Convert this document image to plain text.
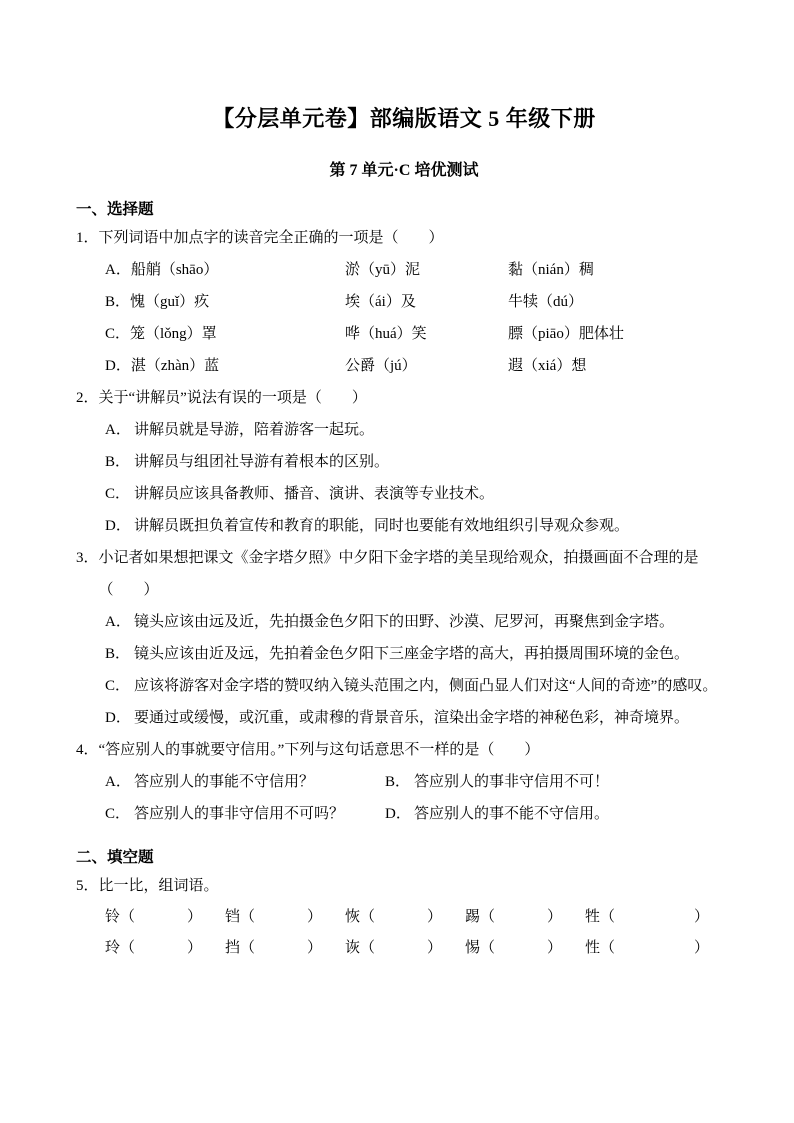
【分层单元卷】部编版语文 5 年级下册
第 7 单元·C 培优测试
一、选择题
1． 下列词语中加点字的读音完全正确的一项是（　　）
A．船艄（shāo）	淤（yū）泥	黏（nián）稠
B．愧（guǐ）疚	埃（ái）及	牛犊（dú）
C．笼（lǒng）罩	哗（huá）笑	膘（piāo）肥体壮
D．湛（zhàn）蓝	公爵（jú）	遐（xiá）想
2． 关于“讲解员”说法有误的一项是（　　）
A． 讲解员就是导游，陪着游客一起玩。
B． 讲解员与组团社导游有着根本的区别。
C． 讲解员应该具备教师、播音、演讲、表演等专业技术。
D． 讲解员既担负着宣传和教育的职能，同时也要能有效地组织引导观众参观。
3． 小记者如果想把课文《金字塔夕照》中夕阳下金字塔的美呈现给观众，拍摄画面不合理的是（　　）
A． 镜头应该由远及近，先拍摄金色夕阳下的田野、沙漠、尼罗河，再聚焦到金字塔。
B． 镜头应该由近及远，先拍着金色夕阳下三座金字塔的高大，再拍摄周围环境的金色。
C． 应该将游客对金字塔的赞叹纳入镜头范围之内，侧面凸显人们对这“人间的奇迹”的感叹。
D． 要通过或缓慢，或沉重，或肃穆的背景音乐，渲染出金字塔的神秘色彩，神奇境界。
4． “答应别人的事就要守信用。”下列与这句话意思不一样的是（　　）
A． 答应别人的事能不守信用？	B． 答应别人的事非守信用不可！
C． 答应别人的事非守信用不可吗？	D． 答应别人的事不能不守信用。
二、填空题
5． 比一比，组词语。
铃 （	） 铛 （	） 恢 （	） 踢 （	） 牲 （	）
玲 （	） 挡 （	） 诙 （	） 惕 （	） 性 （	）
